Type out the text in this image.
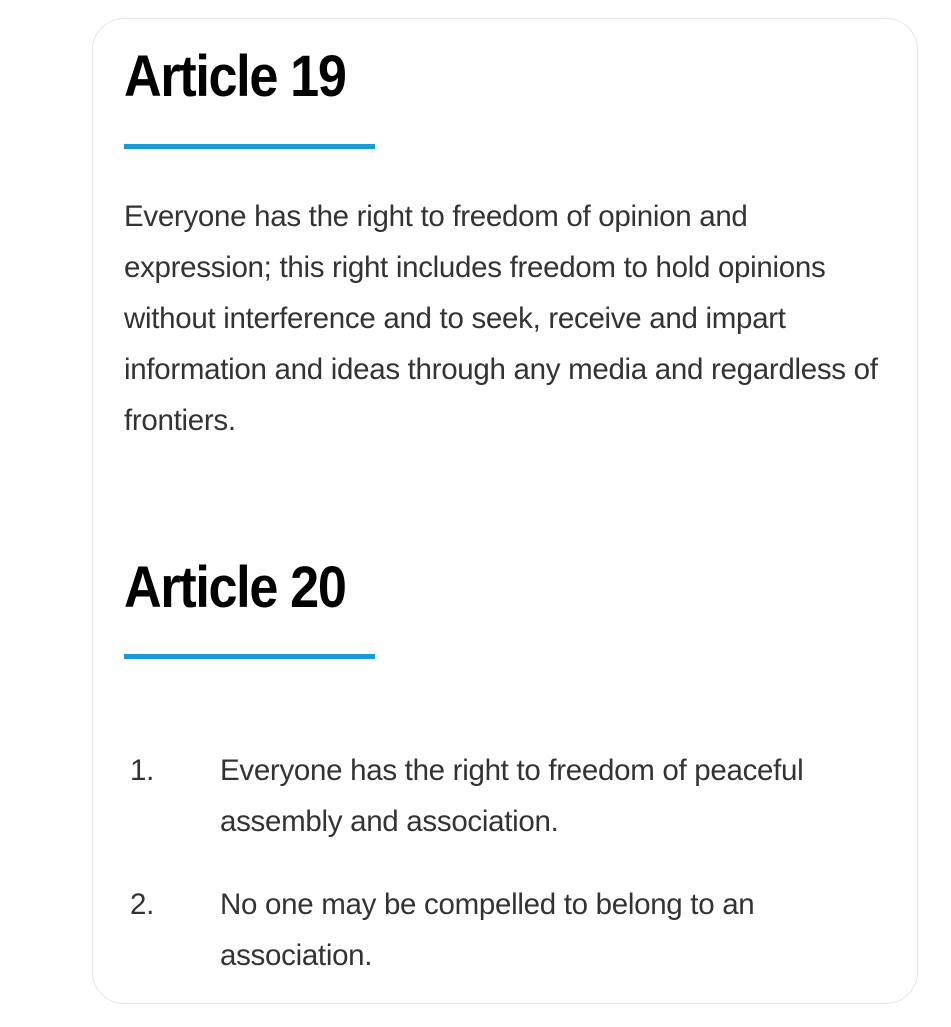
Article 19

Everyone has the right to freedom of opinion and expression; this right includes freedom to hold opinions without interference and to seek, receive and impart information and ideas through any media and regardless of frontiers.

Article 20
1. Everyone has the right to freedom of peaceful assembly and association.
2. No one may be compelled to belong to an association.
